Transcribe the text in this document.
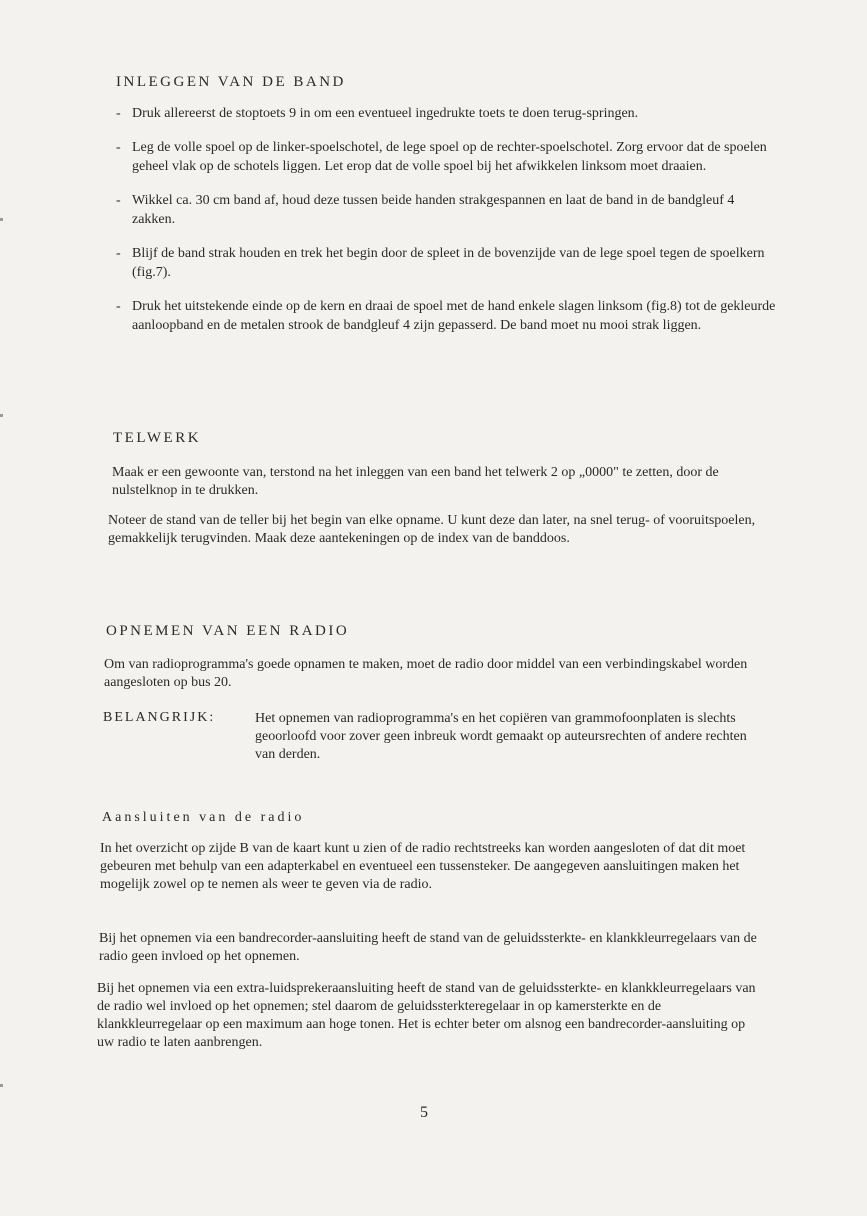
INLEGGEN VAN DE BAND
- Druk allereerst de stoptoets 9 in om een eventueel ingedrukte toets te doen terug-springen.
- Leg de volle spoel op de linker-spoelschotel, de lege spoel op de rechter-spoelschotel. Zorg ervoor dat de spoelen geheel vlak op de schotels liggen. Let erop dat de volle spoel bij het afwikkelen linksom moet draaien.
- Wikkel ca. 30 cm band af, houd deze tussen beide handen strakgespannen en laat de band in de bandgleuf 4 zakken.
- Blijf de band strak houden en trek het begin door de spleet in de bovenzijde van de lege spoel tegen de spoelkern (fig.7).
- Druk het uitstekende einde op de kern en draai de spoel met de hand enkele slagen linksom (fig.8) tot de gekleurde aanloopband en de metalen strook de bandgleuf 4 zijn gepasserd. De band moet nu mooi strak liggen.
TELWERK

Maak er een gewoonte van, terstond na het inleggen van een band het telwerk 2 op „0000" te zetten, door de nulstelknop in te drukken.

Noteer de stand van de teller bij het begin van elke opname. U kunt deze dan later, na snel terug- of vooruitspoelen, gemakkelijk terugvinden. Maak deze aantekeningen op de index van de banddoos.

OPNEMEN VAN EEN RADIO

Om van radioprogramma's goede opnamen te maken, moet de radio door middel van een verbindingskabel worden aangesloten op bus 20.

BELANGRIJK:	Het opnemen van radioprogramma's en het copiëren van grammofoonplaten is slechts geoorloofd voor zover geen inbreuk wordt gemaakt op auteursrechten of andere rechten van derden.

Aansluiten van de radio

In het overzicht op zijde B van de kaart kunt u zien of de radio rechtstreeks kan worden aangesloten of dat dit moet gebeuren met behulp van een adapterkabel en eventueel een tussensteker. De aangegeven aansluitingen maken het mogelijk zowel op te nemen als weer te geven via de radio.

Bij het opnemen via een bandrecorder-aansluiting heeft de stand van de geluidssterkte- en klankkleurregelaars van de radio geen invloed op het opnemen.

Bij het opnemen via een extra-luidsprekeraansluiting heeft de stand van de geluidssterkte- en klankkleurregelaars van de radio wel invloed op het opnemen; stel daarom de geluidssterkteregelaar in op kamersterkte en de klankkleurregelaar op een maximum aan hoge tonen. Het is echter beter om alsnog een bandrecorder-aansluiting op uw radio te laten aanbrengen.

5
